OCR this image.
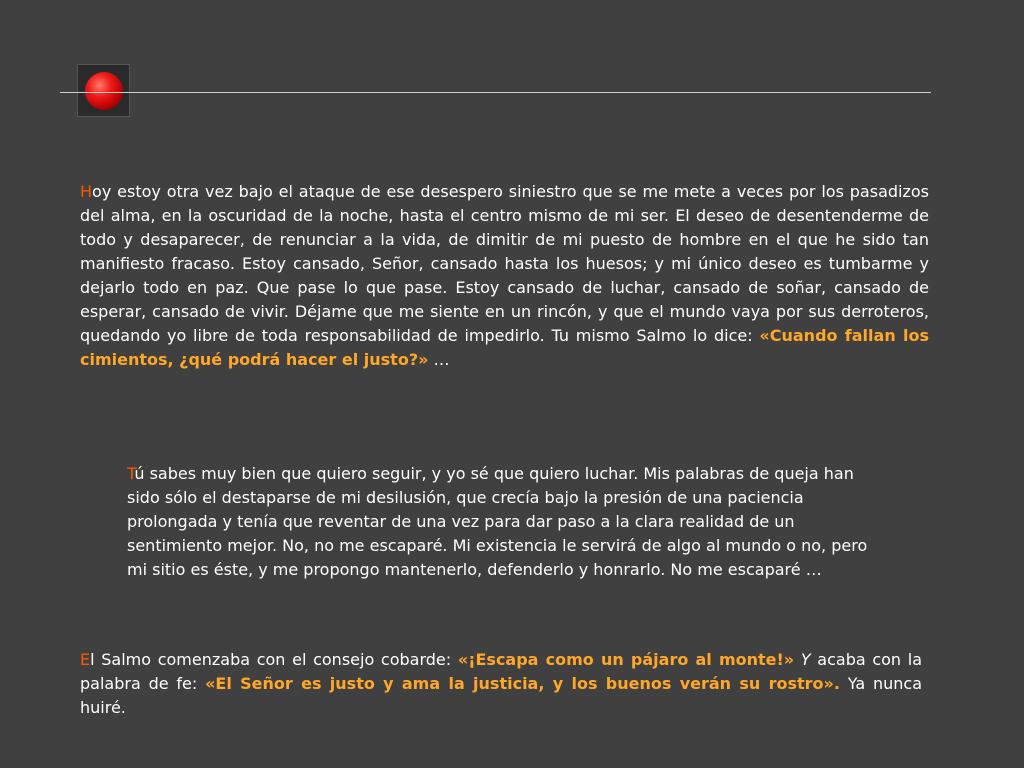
Hoy estoy otra vez bajo el ataque de ese desespero siniestro que se me mete a veces por los pasadizos del alma, en la oscuridad de la noche, hasta el centro mismo de mi ser. El deseo de desentenderme de todo y desaparecer, de renunciar a la vida, de dimitir de mi puesto de hombre en el que he sido tan manifiesto fracaso. Estoy cansado, Señor, cansado hasta los huesos; y mi único deseo es tumbarme y dejarlo todo en paz. Que pase lo que pase. Estoy cansado de luchar, cansado de soñar, cansado de esperar, cansado de vivir. Déjame que me siente en un rincón, y que el mundo vaya por sus derroteros, quedando yo libre de toda responsabilidad de impedirlo. Tu mismo Salmo lo dice: «Cuando fallan los cimientos, ¿qué podrá hacer el justo?» …
Tú sabes muy bien que quiero seguir, y yo sé que quiero luchar. Mis palabras de queja han sido sólo el destaparse de mi desilusión, que crecía bajo la presión de una paciencia prolongada y tenía que reventar de una vez para dar paso a la clara realidad de un sentimiento mejor. No, no me escaparé. Mi existencia le servirá de algo al mundo o no, pero mi sitio es éste, y me propongo mantenerlo, defenderlo y honrarlo. No me escaparé …
El Salmo comenzaba con el consejo cobarde: «¡Escapa como un pájaro al monte!» Y acaba con la palabra de fe: «El Señor es justo y ama la justicia, y los buenos verán su rostro». Ya nunca huiré.
